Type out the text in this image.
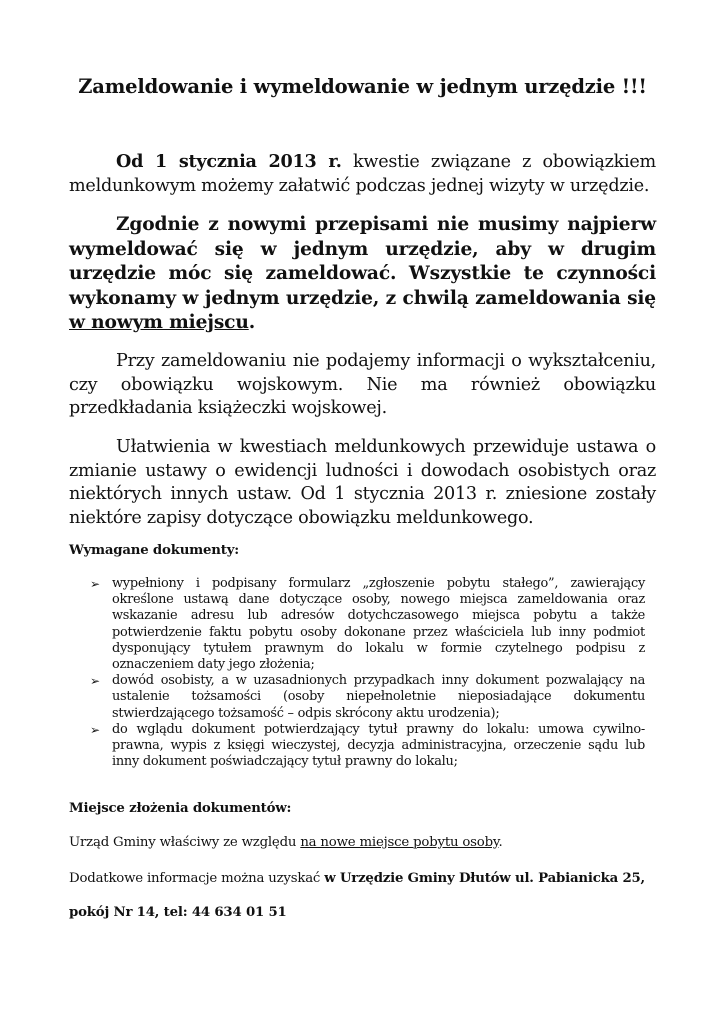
Zameldowanie i wymeldowanie w jednym urzędzie !!!
Od 1 stycznia 2013 r. kwestie związane z obowiązkiem meldunkowym możemy załatwić podczas jednej wizyty w urzędzie.
Zgodnie z nowymi przepisami nie musimy najpierw wymeldować się w jednym urzędzie, aby w drugim urzędzie móc się zameldować. Wszystkie te czynności wykonamy w jednym urzędzie, z chwilą zameldowania się w nowym miejscu.
Przy zameldowaniu nie podajemy informacji o wykształceniu, czy obowiązku wojskowym. Nie ma również obowiązku przedkładania książeczki wojskowej.
Ułatwienia w kwestiach meldunkowych przewiduje ustawa o zmianie ustawy o ewidencji ludności i dowodach osobistych oraz niektórych innych ustaw. Od 1 stycznia 2013 r. zniesione zostały niektóre zapisy dotyczące obowiązku meldunkowego.
Wymagane dokumenty:
➢ wypełniony i podpisany formularz „zgłoszenie pobytu stałego”, zawierający określone ustawą dane dotyczące osoby, nowego miejsca zameldowania oraz wskazanie adresu lub adresów dotychczasowego miejsca pobytu a także potwierdzenie faktu pobytu osoby dokonane przez właściciela lub inny podmiot dysponujący tytułem prawnym do lokalu w formie czytelnego podpisu z oznaczeniem daty jego złożenia;
➢ dowód osobisty, a w uzasadnionych przypadkach inny dokument pozwalający na ustalenie tożsamości (osoby niepełnoletnie nieposiadające dokumentu stwierdzającego tożsamość – odpis skrócony aktu urodzenia);
➢ do wglądu dokument potwierdzający tytuł prawny do lokalu: umowa cywilno-prawna, wypis z księgi wieczystej, decyzja administracyjna, orzeczenie sądu lub inny dokument poświadczający tytuł prawny do lokalu;
Miejsce złożenia dokumentów:
Urząd Gminy właściwy ze względu na nowe miejsce pobytu osoby.
Dodatkowe informacje można uzyskać w Urzędzie Gminy Dłutów ul. Pabianicka 25,
pokój Nr 14, tel: 44 634 01 51
